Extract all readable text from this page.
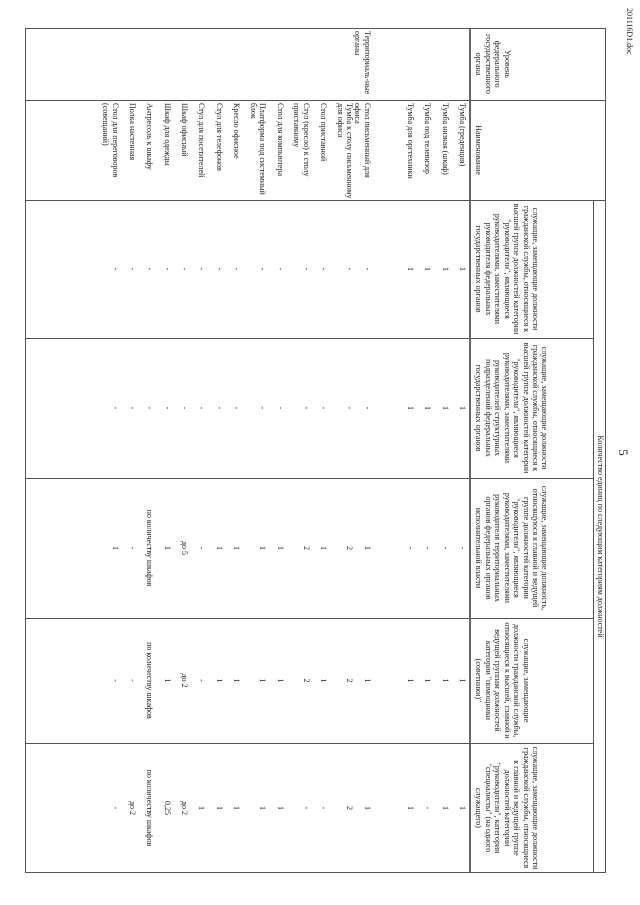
5
201116D1.doc
Уровень федерального государственного органа
Наименование
Количество единиц по следующим категориям должностей
служащие, замещающие должности гражданской службы, относящиеся к высшей группе должностей категории "руководители", являющиеся руководителями, заместителями руководителя федеральных государственных органов
служащие, замещающие должности гражданской службы, относящиеся к высшей группе должностей категории "руководители", являющиеся руководителями, заместителями руководителей структурных подразделений федеральных государственных органов
служащие, замещающие должность, относящуюся к главной и ведущей группе должностей категории "руководители", являющиеся руководителями, заместителями руководителя территориальных органов федеральных органов исполнительной власти
служащие, замещающие должности гражданской службы, относящиеся к высшей, главной и ведущей группам должностей категории "помощники (советники)"
служащие, замещающие должности гражданской службы, относящиеся к главной и ведущей группе должностей категории "руководители", категории "специалисты" (на одного служащего)
Тумба (греденция)
1
1
-
1
1
Тумба низкая (шкаф)
1
1
-
1
1
Тумба под телевизор
1
1
-
1
-
Тумба для оргтехники
1
1
-
1
1
Территориаль-ные органы
Стол письменный для офиса
-
-
1
1
1
Тумба к столу письменному для офиса
-
-
2
2
2
Стол приставной
-
-
1
1
-
Стул (кресло) к столу приставному
-
-
2
2
-
Стол для компьютера
-
-
1
1
1
Платформа под системный блок
-
-
1
1
1
Кресло офисное
-
-
1
1
1
Стул для телефонов
-
-
1
1
1
Стул для посетителей
-
-
-
-
1
Шкаф офисный
-
-
до 5
до 2
до 2
Шкаф для одежды
-
-
1
1
0,25
Антресоль к шкафу
-
-
по количеству шкафов
по количеству шкафов
по количеству шкафов
Полка настенная
-
-
-
-
до 2
Стол для переговоров (совещаний)
-
-
1
-
-
